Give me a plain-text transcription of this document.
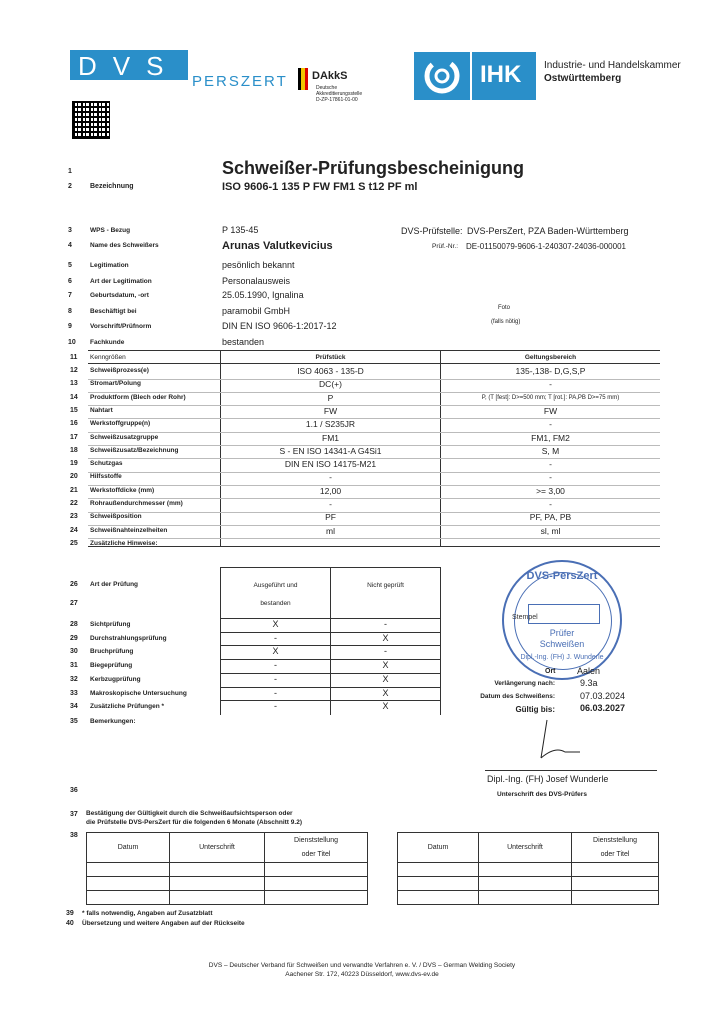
DVS
PERSZERT DAkkS
Deutsche
Akkreditierungsstelle
D-ZP-17861-01-00
IHK Industrie- und Handelskammer
Ostwürttemberg
1	Schweißer-Prüfungsbescheinigung
2	Bezeichnung	ISO 9606-1 135 P FW FM1 S t12 PF ml
3	WPS - Bezug	P 135-45
4	Name des Schweißers	Arunas Valutkevicius
5	Legitimation	pesönlich bekannt
6	Art der Legitimation	Personalausweis
7	Geburtsdatum, -ort	25.05.1990, Ignalina
8	Beschäftigt bei	paramobil GmbH
9	Vorschrift/Prüfnorm	DIN EN ISO 9606-1:2017-12
10 Fachkunde	bestanden
DVS-Prüfstelle: DVS-PersZert, PZA Baden-Württemberg
Prüf.-Nr.: DE-01150079-9606-1-240307-24036-000001
Foto
(falls nötig)
11 Kenngrößen	Prüfstück	Geltungsbereich
12 Schweißprozess(e)	ISO 4063 - 135-D	135-,138- D,G,S,P
13 Stromart/Polung	DC(+)	-
14 Produktform (Blech oder Rohr)	P	P, (T [fest]: D>=500 mm; T [rot.]: PA,PB D>=75 mm)
15 Nahtart	FW	FW
16 Werkstoffgruppe(n)	1.1 / S235JR	-
17 Schweißzusatzgruppe	FM1	FM1, FM2
18 Schweißzusatz/Bezeichnung	S - EN ISO 14341-A G4Si1	S, M
19 Schutzgas	DIN EN ISO 14175-M21	-
20 Hilfsstoffe	-	-
21 Werkstoffdicke (mm)	12,00	>= 3,00
22 Rohraußendurchmesser (mm)	-	-
23 Schweißposition	PF	PF, PA, PB
24 Schweißnahteinzelheiten	ml	sl, ml
25 Zusätzliche Hinweise:
26 Art der Prüfung
27
Ausgeführt und
bestanden
Nicht geprüft
28 Sichtprüfung	X	-
29 Durchstrahlungsprüfung	-	X
30 Bruchprüfung	X	-
31 Biegeprüfung	-	X
32 Kerbzugprüfung	-	X
33 Makroskopische Untersuchung	-	X
34 Zusätzliche Prüfungen *	-	X
DVS-PersZert
Stempel
Prüfer
Schweißen
Dipl.-Ing. (FH) J. Wunderle
Ort Aalen
Verlängerung nach:	9.3a
Datum des Schweißens:	07.03.2024
Gültig bis:	06.03.2027
35 Bemerkungen:
36
Dipl.-Ing. (FH) Josef Wunderle
Unterschrift des DVS-Prüfers
37 Bestätigung der Gültigkeit durch die Schweißaufsichtsperson oder
die Prüfstelle DVS-PersZert für die folgenden 6 Monate (Abschnitt 9.2)
38
Datum	Unterschrift	Dienststellung

oder Titel

Datum	Unterschrift	Dienststellung

oder Titel

39 * falls notwendig, Angaben auf Zusatzblatt
40 Übersetzung und weitere Angaben auf der Rückseite
DVS – Deutscher Verband für Schweißen und verwandte Verfahren e. V. / DVS – German Welding Society
Aachener Str. 172, 40223 Düsseldorf, www.dvs-ev.de
